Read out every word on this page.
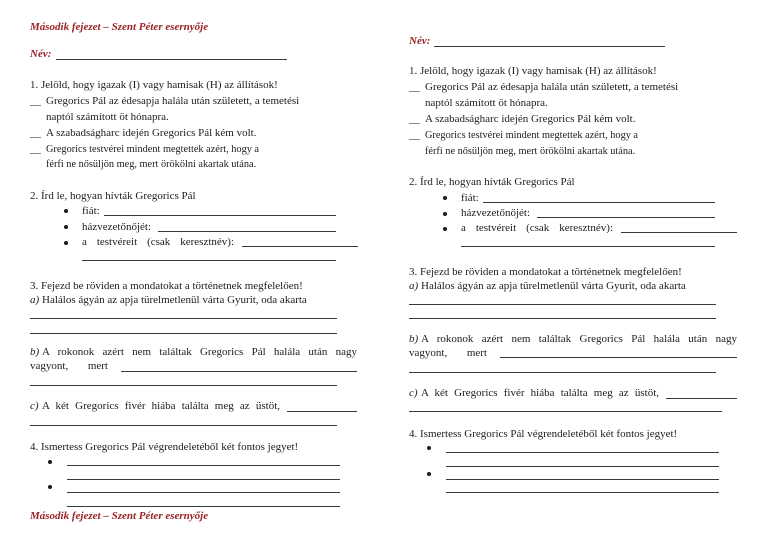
Második fejezet – Szent Péter esernyője
Név:
1. Jelöld, hogy igazak (I) vagy hamisak (H) az állítások!
__ Gregorics Pál az édesapja halála után született, a temetési
naptól számított öt hónapra.
__ A szabadságharc idején Gregorics Pál kém volt.
__ Gregorics testvérei mindent megtettek azért, hogy a
férfi ne nősüljön meg, mert örökölni akartak utána.
2. Írd le, hogyan hívták Gregorics Pál
fiát:
házvezetőnőjét:
a testvéreit (csak keresztnév):
3. Fejezd be röviden a mondatokat a történetnek megfelelően!
a) Halálos ágyán az apja türelmetlenül várta Gyurit, oda akarta
b) A rokonok azért nem találtak Gregorics Pál halála után nagy
vagyont, mert
c) A két Gregorics fivér hiába találta meg az üstöt,
4. Ismertess Gregorics Pál végrendeletéből két fontos jegyet!
Második fejezet – Szent Péter esernyője
Név:
1. Jelöld, hogy igazak (I) vagy hamisak (H) az állítások!
__ Gregorics Pál az édesapja halála után született, a temetési
naptól számított öt hónapra.
__ A szabadságharc idején Gregorics Pál kém volt.
__ Gregorics testvérei mindent megtettek azért, hogy a
férfi ne nősüljön meg, mert örökölni akartak utána.
2. Írd le, hogyan hívták Gregorics Pál
fiát:
házvezetőnőjét:
a testvéreit (csak keresztnév):
3. Fejezd be röviden a mondatokat a történetnek megfelelően!
a) Halálos ágyán az apja türelmetlenül várta Gyurit, oda akarta
b) A rokonok azért nem találtak Gregorics Pál halála után nagy
vagyont, mert
c) A két Gregorics fivér hiába találta meg az üstöt,
4. Ismertess Gregorics Pál végrendeletéből két fontos jegyet!
